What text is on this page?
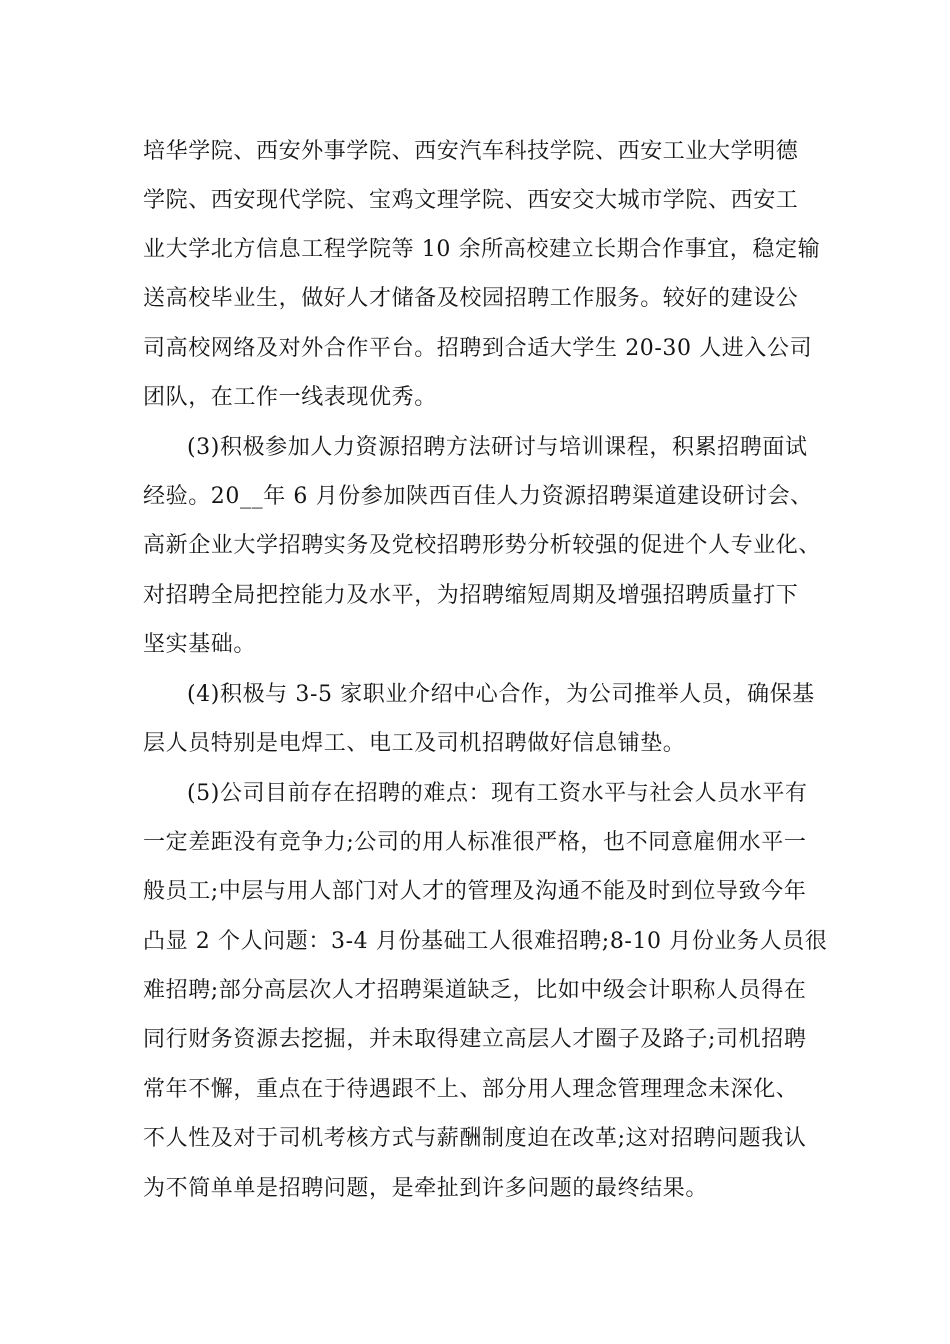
培华学院、西安外事学院、西安汽车科技学院、西安工业大学明德
学院、西安现代学院、宝鸡文理学院、西安交大城市学院、西安工
业大学北方信息工程学院等 10 余所高校建立长期合作事宜，稳定输
送高校毕业生，做好人才储备及校园招聘工作服务。较好的建设公
司高校网络及对外合作平台。招聘到合适大学生 20-30 人进入公司
团队，在工作一线表现优秀。
(3)积极参加人力资源招聘方法研讨与培训课程，积累招聘面试
经验。20__年 6 月份参加陕西百佳人力资源招聘渠道建设研讨会、
高新企业大学招聘实务及党校招聘形势分析较强的促进个人专业化、
对招聘全局把控能力及水平，为招聘缩短周期及增强招聘质量打下
坚实基础。
(4)积极与 3-5 家职业介绍中心合作，为公司推举人员，确保基
层人员特别是电焊工、电工及司机招聘做好信息铺垫。
(5)公司目前存在招聘的难点：现有工资水平与社会人员水平有
一定差距没有竞争力;公司的用人标准很严格，也不同意雇佣水平一
般员工;中层与用人部门对人才的管理及沟通不能及时到位导致今年
凸显 2 个人问题：3-4 月份基础工人很难招聘;8-10 月份业务人员很
难招聘;部分高层次人才招聘渠道缺乏，比如中级会计职称人员得在
同行财务资源去挖掘，并未取得建立高层人才圈子及路子;司机招聘
常年不懈，重点在于待遇跟不上、部分用人理念管理理念未深化、
不人性及对于司机考核方式与薪酬制度迫在改革;这对招聘问题我认
为不简单单是招聘问题，是牵扯到许多问题的最终结果。
